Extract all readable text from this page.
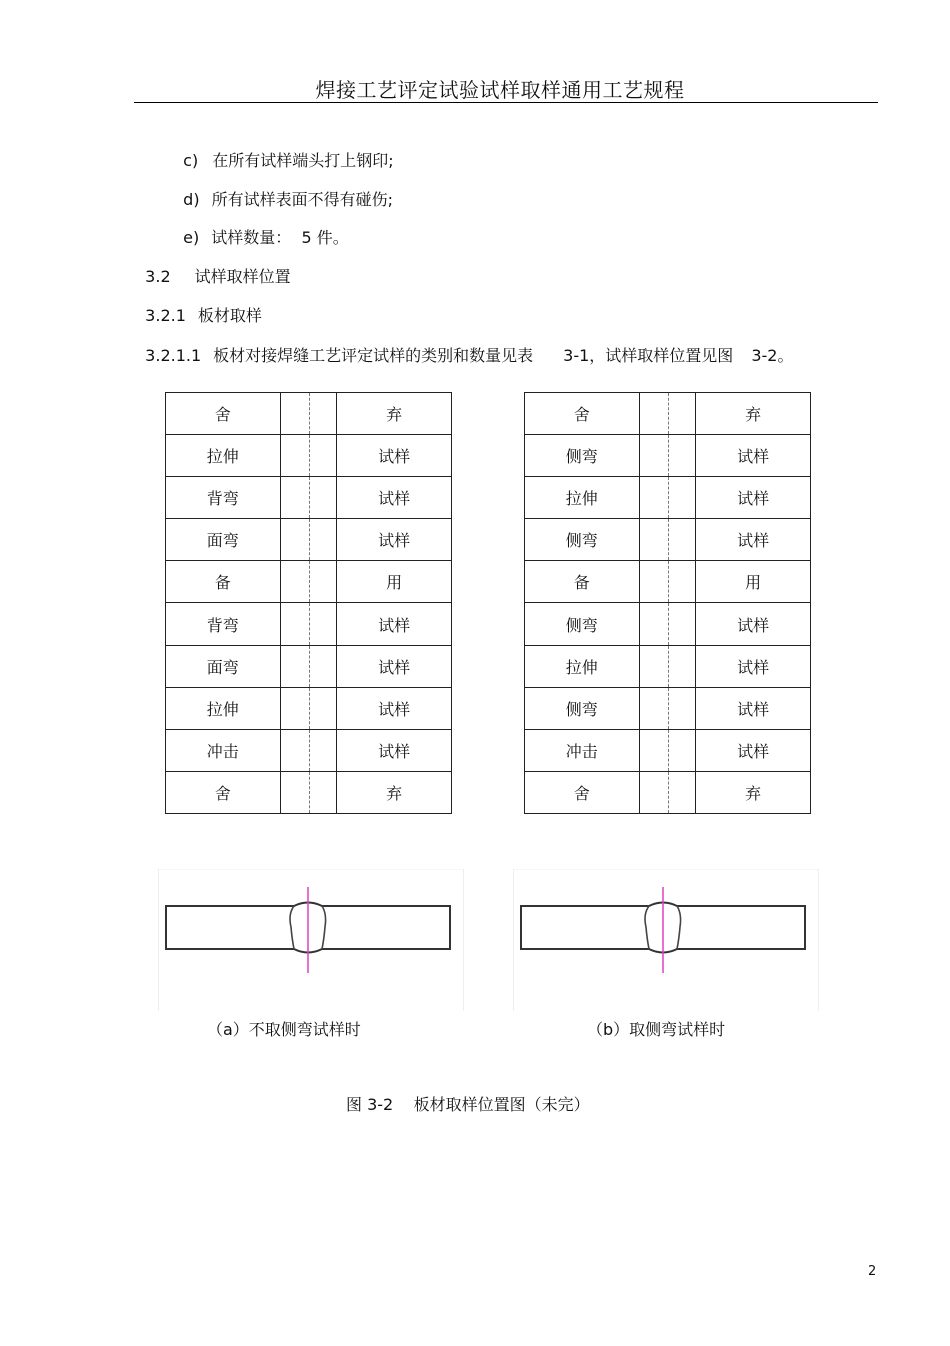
焊接工艺评定试验试样取样通用工艺规程

c) 在所有试样端头打上钢印;

d) 所有试样表面不得有碰伤;

e) 试样数量：  5 件。

3.2 试样取样位置

3.2.1 板材取样

3.2.1.1 板材对接焊缝工艺评定试样的类别和数量见表 3-1，试样取样位置见图 3-2。

舍		弃
拉伸		试样
背弯		试样
面弯		试样
备		用
背弯		试样
面弯		试样
拉伸		试样
冲击		试样
舍		弃
舍		弃
侧弯		试样
拉伸		试样
侧弯		试样
备		用
侧弯		试样
拉伸		试样
侧弯		试样
冲击		试样
舍		弃
（a）不取侧弯试样时	（b）取侧弯试样时
图 3-2    板材取样位置图（未完）
2
